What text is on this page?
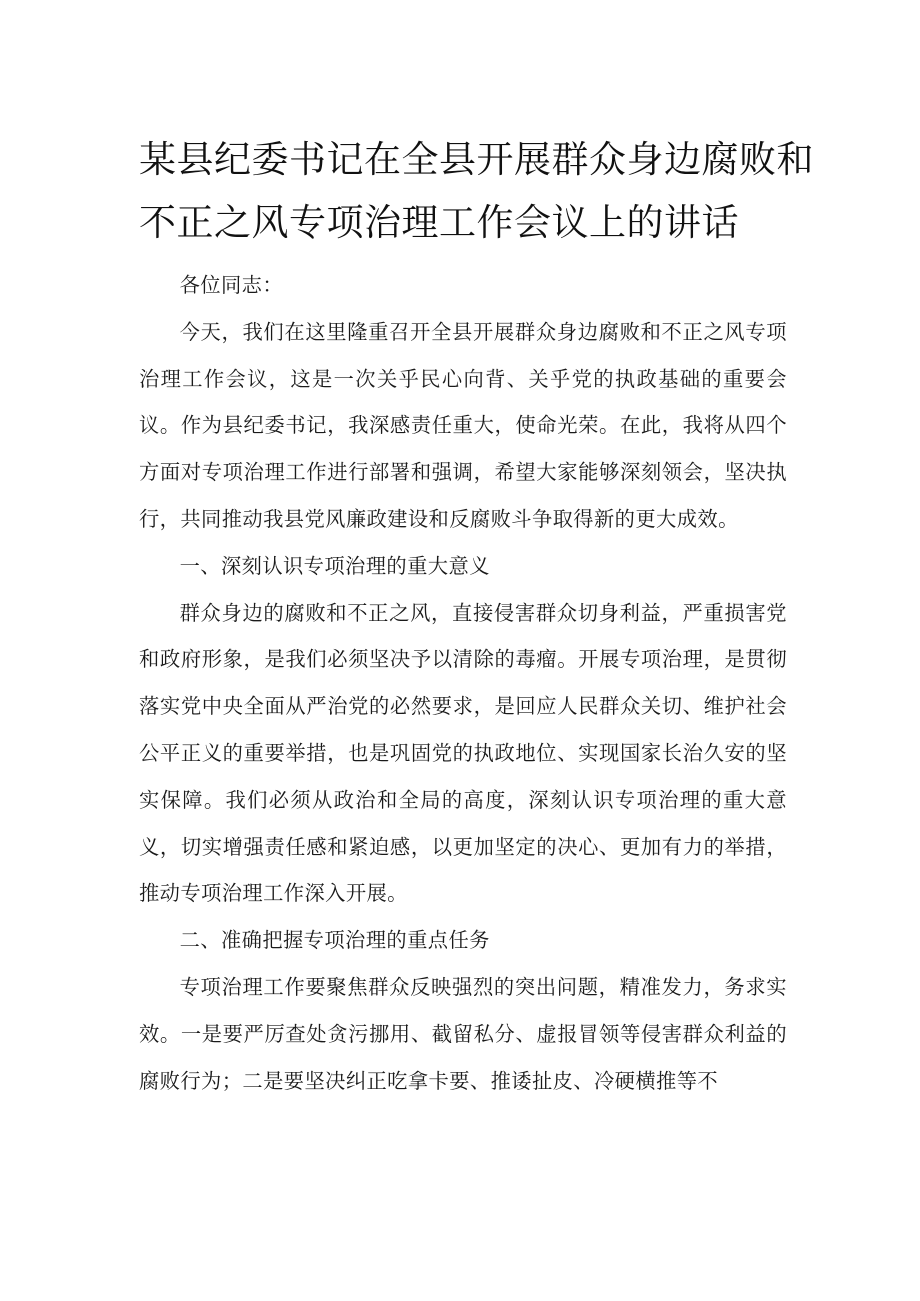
某县纪委书记在全县开展群众身边腐败和
不正之风专项治理工作会议上的讲话

各位同志：

今天，我们在这里隆重召开全县开展群众身边腐败和不正之风专项治理工作会议，这是一次关乎民心向背、关乎党的执政基础的重要会议。作为县纪委书记，我深感责任重大，使命光荣。在此，我将从四个方面对专项治理工作进行部署和强调，希望大家能够深刻领会，坚决执行，共同推动我县党风廉政建设和反腐败斗争取得新的更大成效。

一、深刻认识专项治理的重大意义

群众身边的腐败和不正之风，直接侵害群众切身利益，严重损害党和政府形象，是我们必须坚决予以清除的毒瘤。开展专项治理，是贯彻落实党中央全面从严治党的必然要求，是回应人民群众关切、维护社会公平正义的重要举措，也是巩固党的执政地位、实现国家长治久安的坚实保障。我们必须从政治和全局的高度，深刻认识专项治理的重大意义，切实增强责任感和紧迫感，以更加坚定的决心、更加有力的举措，推动专项治理工作深入开展。

二、准确把握专项治理的重点任务

专项治理工作要聚焦群众反映强烈的突出问题，精准发力，务求实效。一是要严厉查处贪污挪用、截留私分、虚报冒领等侵害群众利益的腐败行为；二是要坚决纠正吃拿卡要、推诿扯皮、冷硬横推等不
